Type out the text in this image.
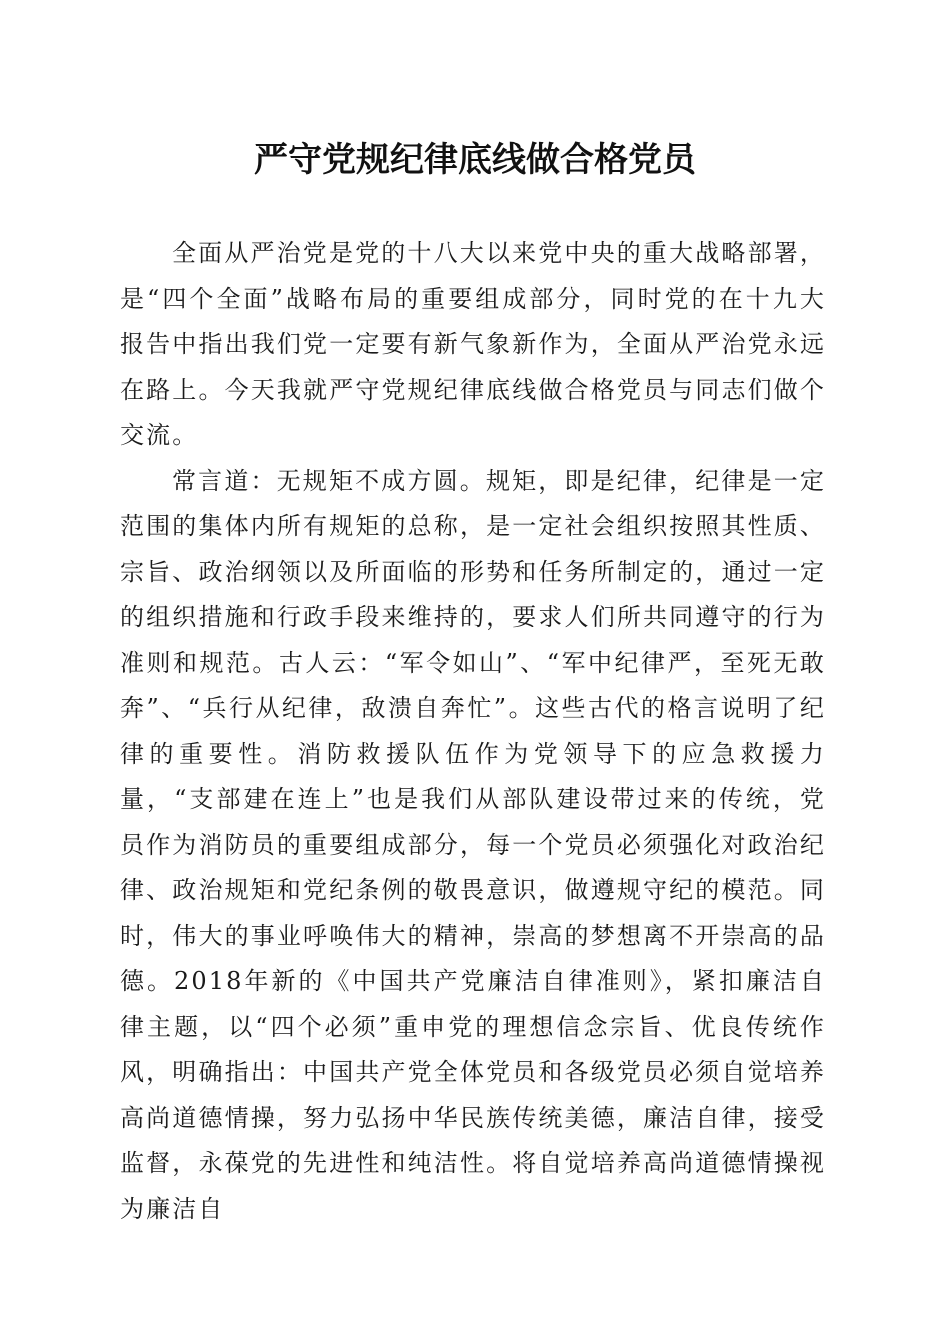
严守党规纪律底线做合格党员

全面从严治党是党的十八大以来党中央的重大战略部署，是“四个全面”战略布局的重要组成部分，同时党的在十九大报告中指出我们党一定要有新气象新作为，全面从严治党永远在路上。今天我就严守党规纪律底线做合格党员与同志们做个交流。

常言道：无规矩不成方圆。规矩，即是纪律，纪律是一定范围的集体内所有规矩的总称，是一定社会组织按照其性质、宗旨、政治纲领以及所面临的形势和任务所制定的，通过一定的组织措施和行政手段来维持的，要求人们所共同遵守的行为准则和规范。古人云：“军令如山”、“军中纪律严，至死无敢奔”、“兵行从纪律，敌溃自奔忙”。这些古代的格言说明了纪律的重要性。消防救援队伍作为党领导下的应急救援力量，“支部建在连上”也是我们从部队建设带过来的传统，党员作为消防员的重要组成部分，每一个党员必须强化对政治纪律、政治规矩和党纪条例的敬畏意识，做遵规守纪的模范。同时，伟大的事业呼唤伟大的精神，崇高的梦想离不开崇高的品德。2018年新的《中国共产党廉洁自律准则》，紧扣廉洁自律主题，以“四个必须”重申党的理想信念宗旨、优良传统作风，明确指出：中国共产党全体党员和各级党员必须自觉培养高尚道德情操，努力弘扬中华民族传统美德，廉洁自律，接受监督，永葆党的先进性和纯洁性。将自觉培养高尚道德情操视为廉洁自
